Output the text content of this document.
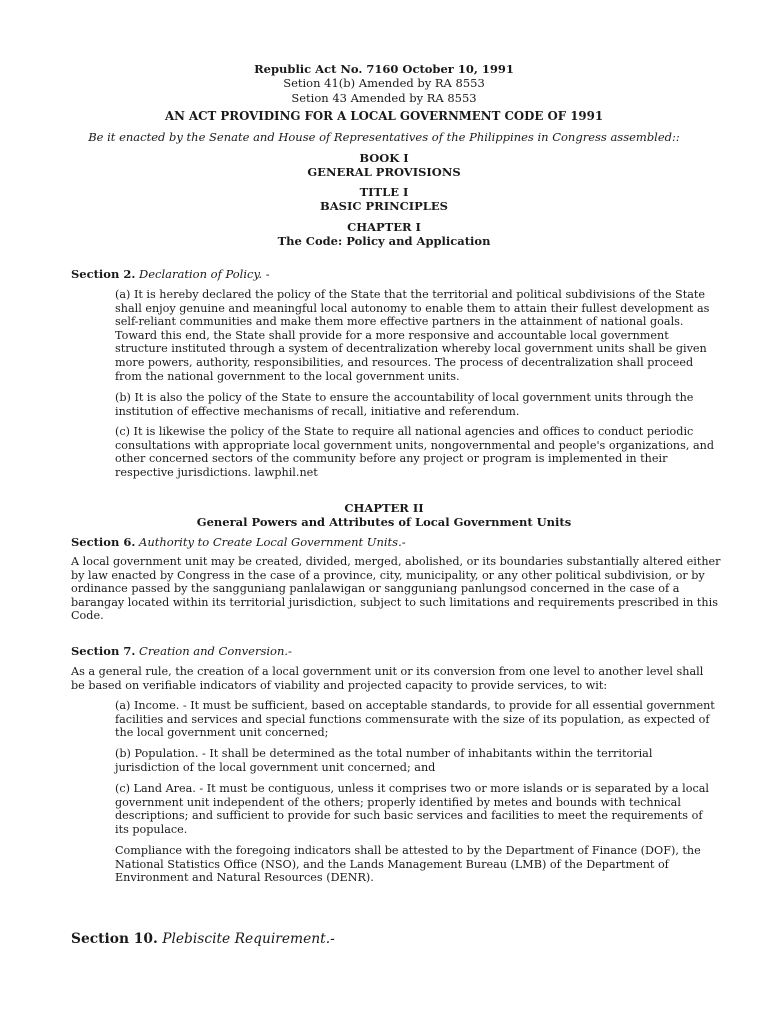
Republic Act No. 7160 October 10, 1991
Setion 41(b) Amended by RA 8553
Setion 43 Amended by RA 8553
AN ACT PROVIDING FOR A LOCAL GOVERNMENT CODE OF 1991
Be it enacted by the Senate and House of Representatives of the Philippines in Congress assembled::
BOOK I
GENERAL PROVISIONS
TITLE I
BASIC PRINCIPLES
CHAPTER I
The Code: Policy and Application
Section 2. Declaration of Policy. -
(a) It is hereby declared the policy of the State that the territorial and political subdivisions of the State
shall enjoy genuine and meaningful local autonomy to enable them to attain their fullest development as
self-reliant communities and make them more effective partners in the attainment of national goals.
Toward this end, the State shall provide for a more responsive and accountable local government
structure instituted through a system of decentralization whereby local government units shall be given
more powers, authority, responsibilities, and resources. The process of decentralization shall proceed
from the national government to the local government units.
(b) It is also the policy of the State to ensure the accountability of local government units through the
institution of effective mechanisms of recall, initiative and referendum.
(c) It is likewise the policy of the State to require all national agencies and offices to conduct periodic
consultations with appropriate local government units, nongovernmental and people's organizations, and
other concerned sectors of the community before any project or program is implemented in their
respective jurisdictions. lawphil.net
CHAPTER II
General Powers and Attributes of Local Government Units
Section 6. Authority to Create Local Government Units.-
A local government unit may be created, divided, merged, abolished, or its boundaries substantially altered either
by law enacted by Congress in the case of a province, city, municipality, or any other political subdivision, or by
ordinance passed by the sangguniang panlalawigan or sangguniang panlungsod concerned in the case of a
barangay located within its territorial jurisdiction, subject to such limitations and requirements prescribed in this
Code.
Section 7. Creation and Conversion.-
As a general rule, the creation of a local government unit or its conversion from one level to another level shall
be based on verifiable indicators of viability and projected capacity to provide services, to wit:
(a) Income. - It must be sufficient, based on acceptable standards, to provide for all essential government
facilities and services and special functions commensurate with the size of its population, as expected of
the local government unit concerned;
(b) Population. - It shall be determined as the total number of inhabitants within the territorial
jurisdiction of the local government unit concerned; and
(c) Land Area. - It must be contiguous, unless it comprises two or more islands or is separated by a local
government unit independent of the others; properly identified by metes and bounds with technical
descriptions; and sufficient to provide for such basic services and facilities to meet the requirements of
its populace.
Compliance with the foregoing indicators shall be attested to by the Department of Finance (DOF), the
National Statistics Office (NSO), and the Lands Management Bureau (LMB) of the Department of
Environment and Natural Resources (DENR).
Section 10. Plebiscite Requirement.-
